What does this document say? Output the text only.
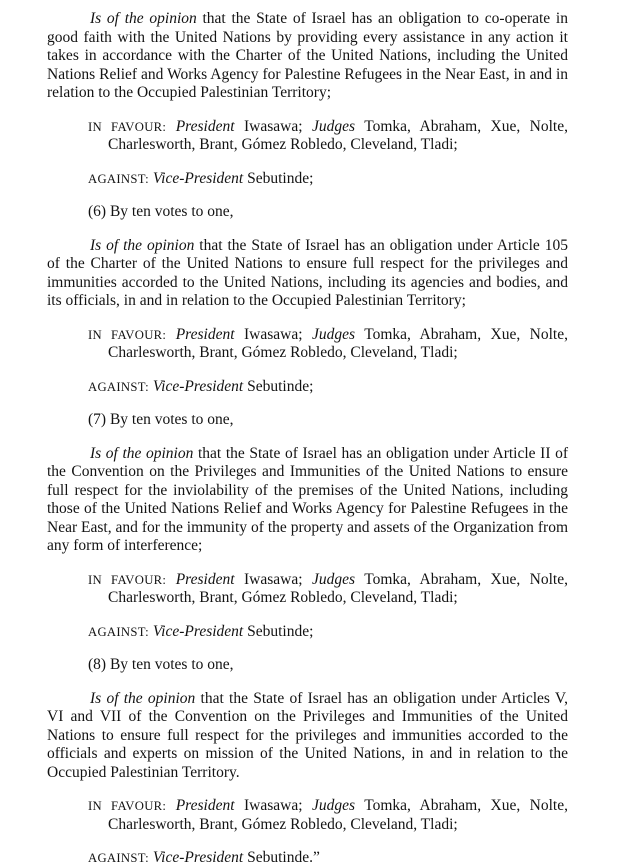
Is of the opinion that the State of Israel has an obligation to co-operate in good faith with the United Nations by providing every assistance in any action it takes in accordance with the Charter of the United Nations, including the United Nations Relief and Works Agency for Palestine Refugees in the Near East, in and in relation to the Occupied Palestinian Territory;

IN FAVOUR: President Iwasawa; Judges Tomka, Abraham, Xue, Nolte, Charlesworth, Brant, Gómez Robledo, Cleveland, Tladi;

AGAINST: Vice-President Sebutinde;

(6) By ten votes to one,

Is of the opinion that the State of Israel has an obligation under Article 105 of the Charter of the United Nations to ensure full respect for the privileges and immunities accorded to the United Nations, including its agencies and bodies, and its officials, in and in relation to the Occupied Palestinian Territory;

IN FAVOUR: President Iwasawa; Judges Tomka, Abraham, Xue, Nolte, Charlesworth, Brant, Gómez Robledo, Cleveland, Tladi;

AGAINST: Vice-President Sebutinde;

(7) By ten votes to one,

Is of the opinion that the State of Israel has an obligation under Article II of the Convention on the Privileges and Immunities of the United Nations to ensure full respect for the inviolability of the premises of the United Nations, including those of the United Nations Relief and Works Agency for Palestine Refugees in the Near East, and for the immunity of the property and assets of the Organization from any form of interference;

IN FAVOUR: President Iwasawa; Judges Tomka, Abraham, Xue, Nolte, Charlesworth, Brant, Gómez Robledo, Cleveland, Tladi;

AGAINST: Vice-President Sebutinde;

(8) By ten votes to one,

Is of the opinion that the State of Israel has an obligation under Articles V, VI and VII of the Convention on the Privileges and Immunities of the United Nations to ensure full respect for the privileges and immunities accorded to the officials and experts on mission of the United Nations, in and in relation to the Occupied Palestinian Territory.

IN FAVOUR: President Iwasawa; Judges Tomka, Abraham, Xue, Nolte, Charlesworth, Brant, Gómez Robledo, Cleveland, Tladi;

AGAINST: Vice-President Sebutinde.”
